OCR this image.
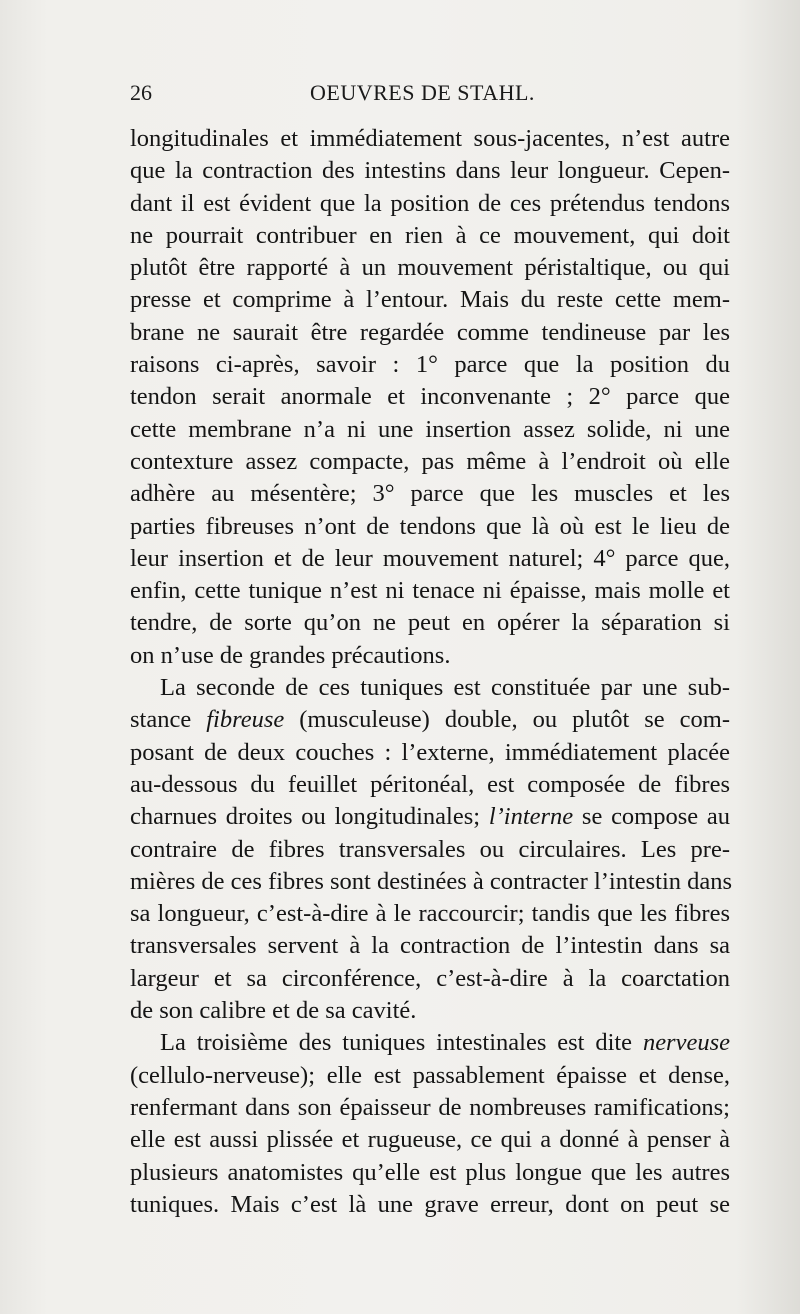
26	OEUVRES DE STAHL.
longitudinales et immédiatement sous-jacentes, n’est autre
que la contraction des intestins dans leur longueur. Cepen-
dant il est évident que la position de ces prétendus tendons
ne pourrait contribuer en rien à ce mouvement, qui doit
plutôt être rapporté à un mouvement péristaltique, ou qui
presse et comprime à l’entour. Mais du reste cette mem-
brane ne saurait être regardée comme tendineuse par les
raisons ci-après, savoir : 1° parce que la position du
tendon serait anormale et inconvenante ; 2° parce que
cette membrane n’a ni une insertion assez solide, ni une
contexture assez compacte, pas même à l’endroit où elle
adhère au mésentère; 3° parce que les muscles et les
parties fibreuses n’ont de tendons que là où est le lieu de
leur insertion et de leur mouvement naturel; 4° parce que,
enfin, cette tunique n’est ni tenace ni épaisse, mais molle et
tendre, de sorte qu’on ne peut en opérer la séparation si
on n’use de grandes précautions.
La seconde de ces tuniques est constituée par une sub-
stance fibreuse (musculeuse) double, ou plutôt se com-
posant de deux couches : l’externe, immédiatement placée
au-dessous du feuillet péritonéal, est composée de fibres
charnues droites ou longitudinales; l’interne se compose au
contraire de fibres transversales ou circulaires. Les pre-
mières de ces fibres sont destinées à contracter l’intestin dans
sa longueur, c’est-à-dire à le raccourcir; tandis que les fibres
transversales servent à la contraction de l’intestin dans sa
largeur et sa circonférence, c’est-à-dire à la coarctation
de son calibre et de sa cavité.
La troisième des tuniques intestinales est dite nerveuse
(cellulo-nerveuse); elle est passablement épaisse et dense,
renfermant dans son épaisseur de nombreuses ramifications;
elle est aussi plissée et rugueuse, ce qui a donné à penser à
plusieurs anatomistes qu’elle est plus longue que les autres
tuniques. Mais c’est là une grave erreur, dont on peut se
